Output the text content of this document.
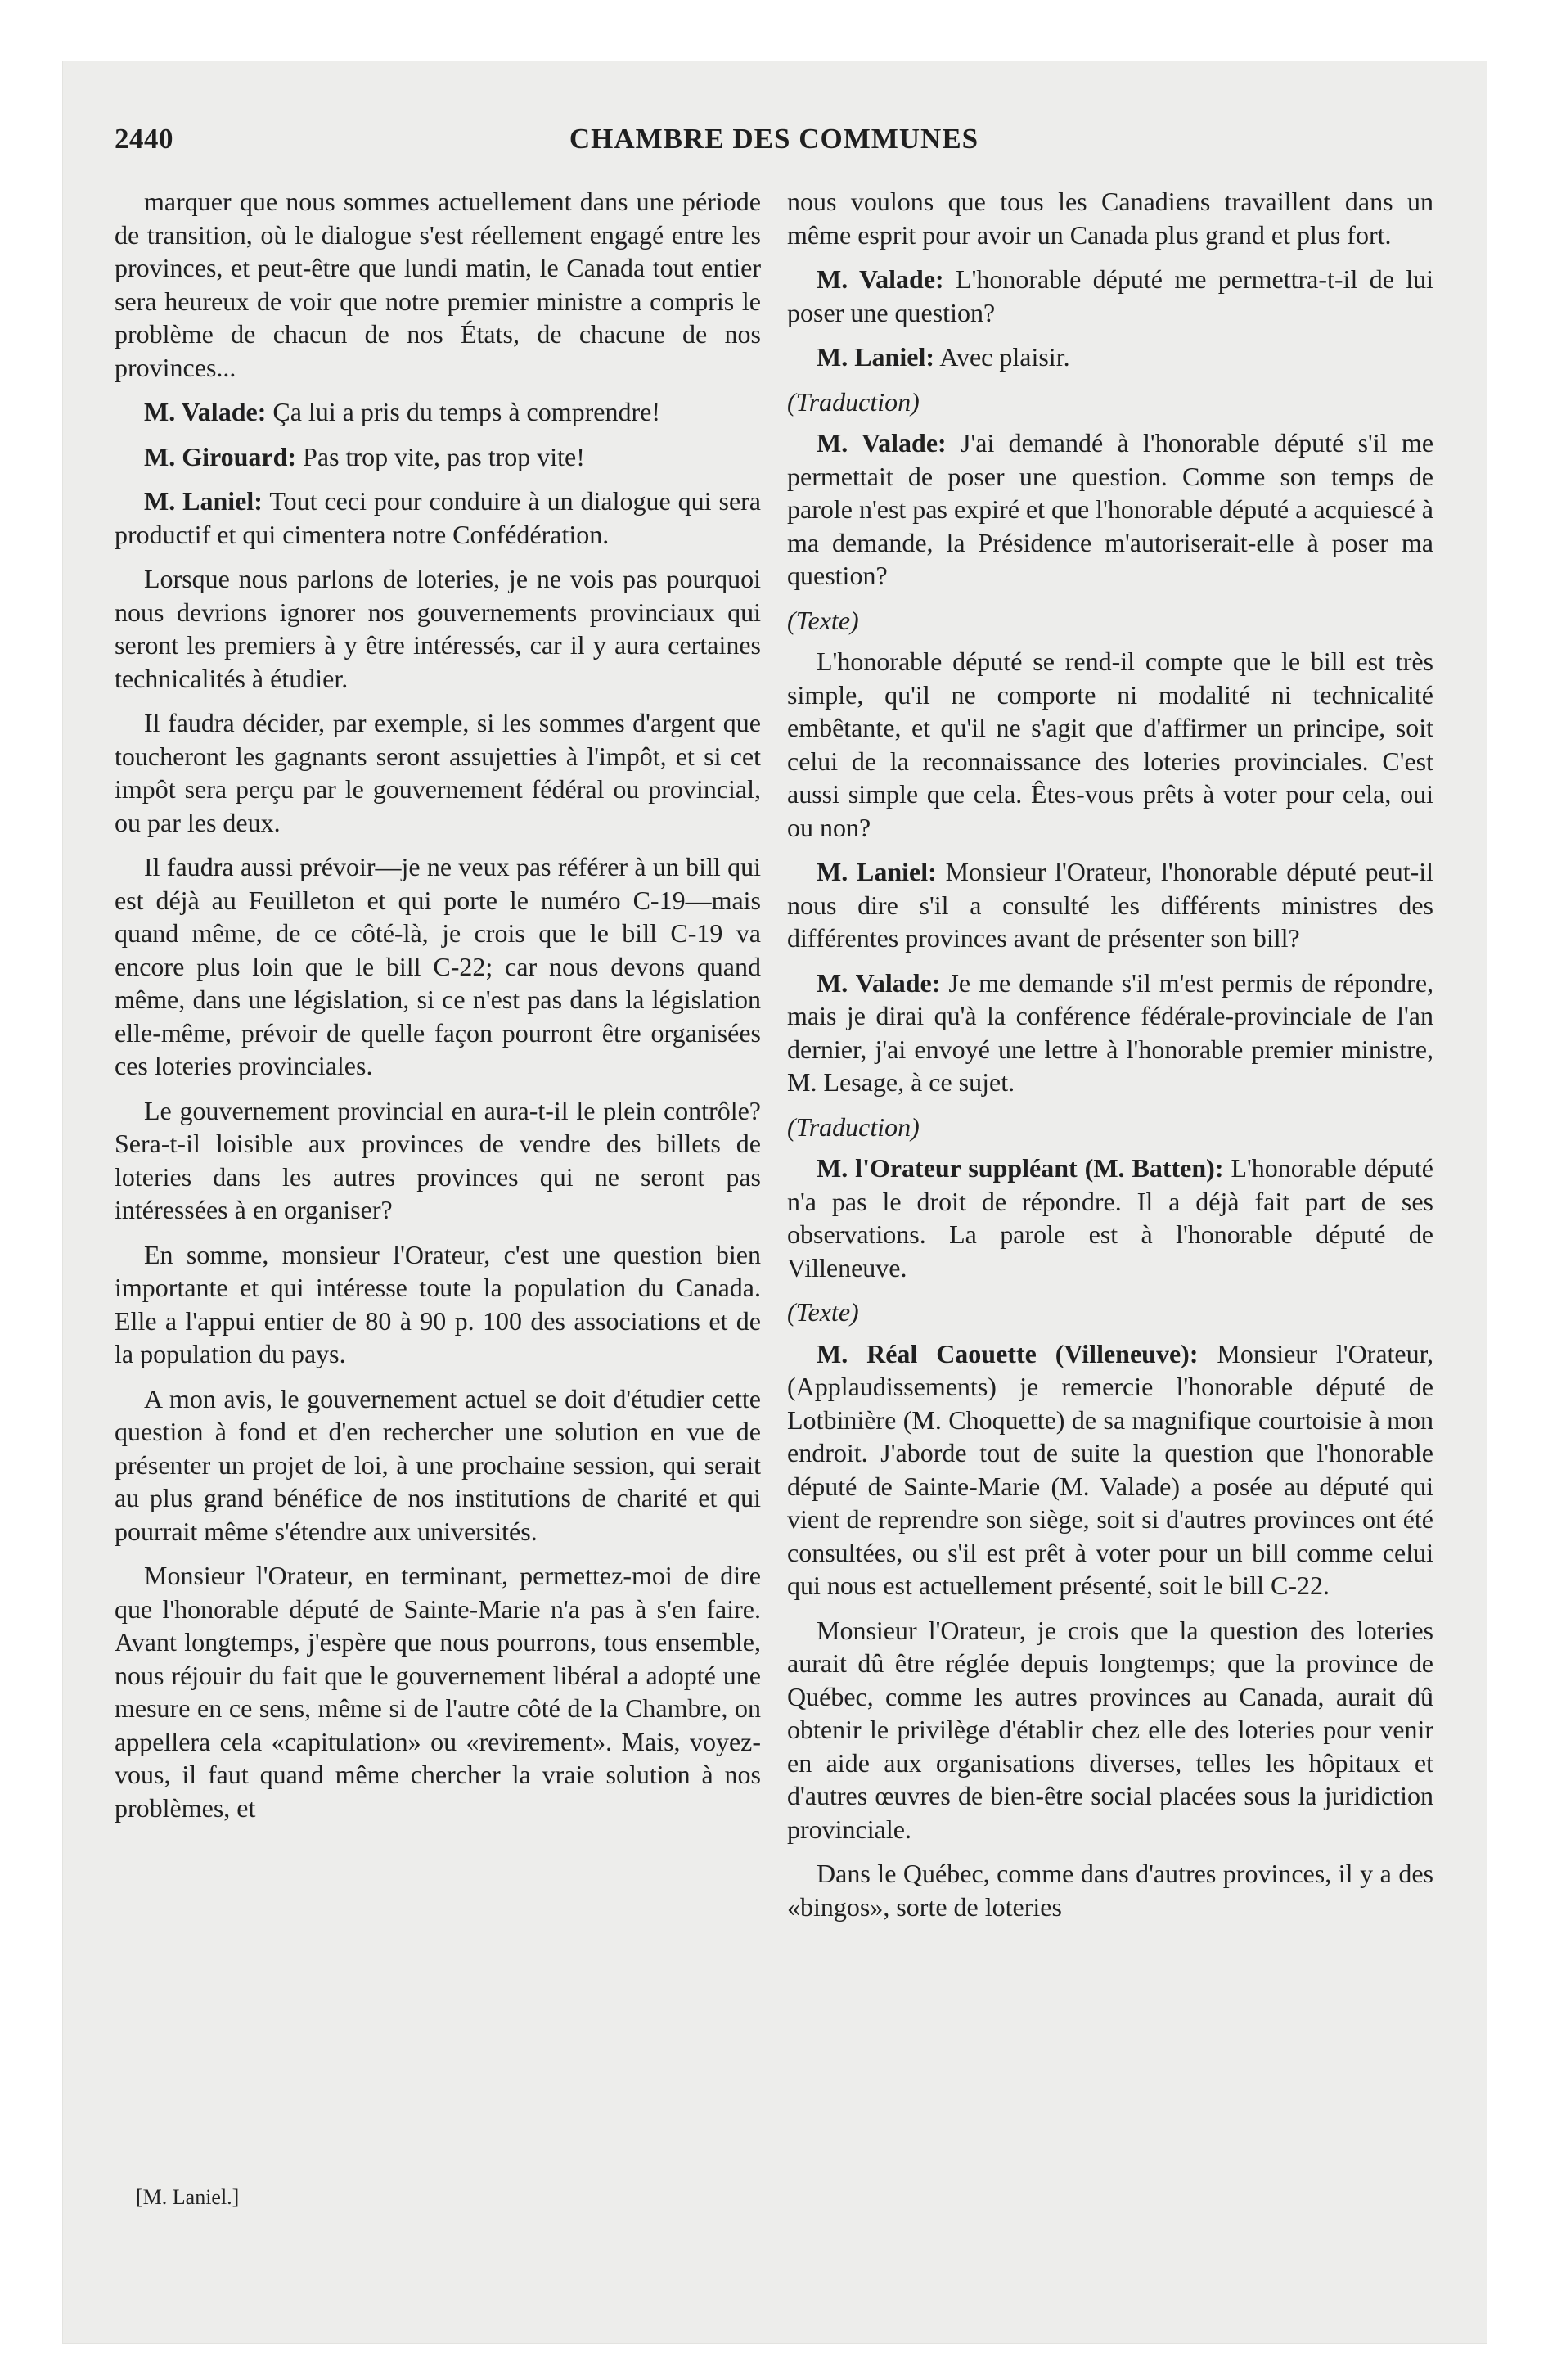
2440	CHAMBRE DES COMMUNES

marquer que nous sommes actuellement dans une période de transition, où le dialogue s'est réellement engagé entre les provinces, et peut-être que lundi matin, le Canada tout entier sera heureux de voir que notre premier ministre a compris le problème de chacun de nos États, de chacune de nos provinces...

M. Valade: Ça lui a pris du temps à comprendre!

M. Girouard: Pas trop vite, pas trop vite!

M. Laniel: Tout ceci pour conduire à un dialogue qui sera productif et qui cimentera notre Confédération.

Lorsque nous parlons de loteries, je ne vois pas pourquoi nous devrions ignorer nos gouvernements provinciaux qui seront les premiers à y être intéressés, car il y aura certaines technicalités à étudier.

Il faudra décider, par exemple, si les sommes d'argent que toucheront les gagnants seront assujetties à l'impôt, et si cet impôt sera perçu par le gouvernement fédéral ou provincial, ou par les deux.

Il faudra aussi prévoir—je ne veux pas référer à un bill qui est déjà au Feuilleton et qui porte le numéro C-19—mais quand même, de ce côté-là, je crois que le bill C-19 va encore plus loin que le bill C-22; car nous devons quand même, dans une législation, si ce n'est pas dans la législation elle-même, prévoir de quelle façon pourront être organisées ces loteries provinciales.

Le gouvernement provincial en aura-t-il le plein contrôle? Sera-t-il loisible aux provinces de vendre des billets de loteries dans les autres provinces qui ne seront pas intéressées à en organiser?

En somme, monsieur l'Orateur, c'est une question bien importante et qui intéresse toute la population du Canada. Elle a l'appui entier de 80 à 90 p. 100 des associations et de la population du pays.

A mon avis, le gouvernement actuel se doit d'étudier cette question à fond et d'en rechercher une solution en vue de présenter un projet de loi, à une prochaine session, qui serait au plus grand bénéfice de nos institutions de charité et qui pourrait même s'étendre aux universités.

Monsieur l'Orateur, en terminant, permettez-moi de dire que l'honorable député de Sainte-Marie n'a pas à s'en faire. Avant longtemps, j'espère que nous pourrons, tous ensemble, nous réjouir du fait que le gouvernement libéral a adopté une mesure en ce sens, même si de l'autre côté de la Chambre, on appellera cela «capitulation» ou «revirement». Mais, voyez-vous, il faut quand même chercher la vraie solution à nos problèmes, et

nous voulons que tous les Canadiens travaillent dans un même esprit pour avoir un Canada plus grand et plus fort.

M. Valade: L'honorable député me permettra-t-il de lui poser une question?

M. Laniel: Avec plaisir.

(Traduction)

M. Valade: J'ai demandé à l'honorable député s'il me permettait de poser une question. Comme son temps de parole n'est pas expiré et que l'honorable député a acquiescé à ma demande, la Présidence m'autoriserait-elle à poser ma question?

(Texte)

L'honorable député se rend-il compte que le bill est très simple, qu'il ne comporte ni modalité ni technicalité embêtante, et qu'il ne s'agit que d'affirmer un principe, soit celui de la reconnaissance des loteries provinciales. C'est aussi simple que cela. Êtes-vous prêts à voter pour cela, oui ou non?

M. Laniel: Monsieur l'Orateur, l'honorable député peut-il nous dire s'il a consulté les différents ministres des différentes provinces avant de présenter son bill?

M. Valade: Je me demande s'il m'est permis de répondre, mais je dirai qu'à la conférence fédérale-provinciale de l'an dernier, j'ai envoyé une lettre à l'honorable premier ministre, M. Lesage, à ce sujet.

(Traduction)

M. l'Orateur suppléant (M. Batten): L'honorable député n'a pas le droit de répondre. Il a déjà fait part de ses observations. La parole est à l'honorable député de Villeneuve.

(Texte)

M. Réal Caouette (Villeneuve): Monsieur l'Orateur, (Applaudissements) je remercie l'honorable député de Lotbinière (M. Choquette) de sa magnifique courtoisie à mon endroit. J'aborde tout de suite la question que l'honorable député de Sainte-Marie (M. Valade) a posée au député qui vient de reprendre son siège, soit si d'autres provinces ont été consultées, ou s'il est prêt à voter pour un bill comme celui qui nous est actuellement présenté, soit le bill C-22.

Monsieur l'Orateur, je crois que la question des loteries aurait dû être réglée depuis longtemps; que la province de Québec, comme les autres provinces au Canada, aurait dû obtenir le privilège d'établir chez elle des loteries pour venir en aide aux organisations diverses, telles les hôpitaux et d'autres œuvres de bien-être social placées sous la juridiction provinciale.

Dans le Québec, comme dans d'autres provinces, il y a des «bingos», sorte de loteries

[M. Laniel.]
